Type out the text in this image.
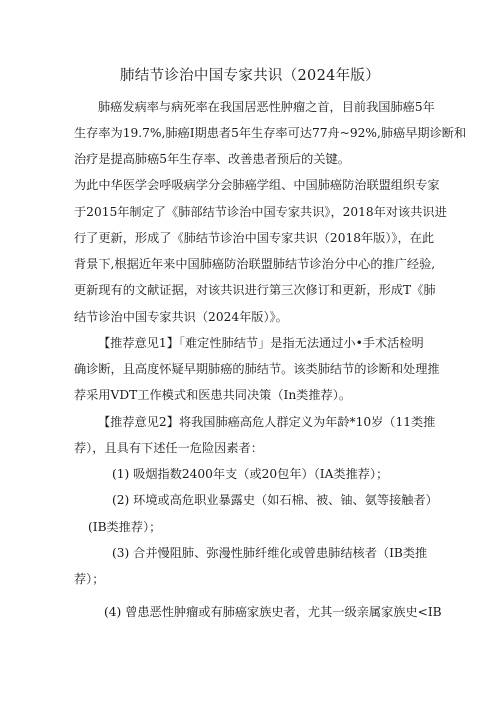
肺结节诊治中国专家共识（2024年版）
肺癌发病率与病死率在我国居恶性肿瘤之首，目前我国肺癌5年
生存率为19.7%,肺癌I期患者5年生存率可达77舟~92%,肺癌早期诊断和
治疗是提高肺癌5年生存率、改善患者预后的关键。
为此中华医学会呼吸病学分会肺癌学组、中国肺癌防治联盟组织专家
于2015年制定了《肺部结节诊治中国专家共识》，2018年对该共识进
行了更新，形成了《肺结节诊治中国专家共识（2018年版）》，在此
背景下,根据近年来中国肺癌防治联盟肺结节诊治分中心的推广经验,
更新现有的文献证据，对该共识进行第三次修订和更新，形成T《肺
结节诊治中国专家共识（2024年版）》。
【推荐意见1】「难定性肺结节」是指无法通过小•手术活检明
确诊断，且高度怀疑早期肺癌的肺结节。该类肺结节的诊断和处理推
荐采用VDT工作模式和医患共同决策（In类推荐）。
【推荐意见2】将我国肺癌高危人群定义为年龄*10岁（11类推
荐），且具有下述任一危险因素者：
(1) 吸烟指数2400年支（或20包年）（IA类推荐）；
(2) 环境或高危职业暴露史（如石棉、被、铀、氨等接触者）
(IB类推荐）；
(3) 合并慢阻肺、弥漫性肺纤维化或曾患肺结核者（IB类推
荐）；
(4) 曾患恶性肿瘤或有肺癌家族史者，尤其一级亲属家族史<IB
